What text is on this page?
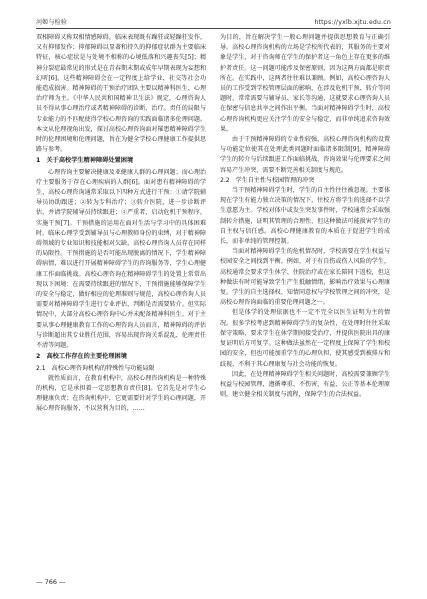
河姬与检验	https://yxlb.xjtu.edu.cn

双相障碍又称双相情感障碍，临床表现既有躁狂或轻躁狂发作，又有抑郁发作；抑郁障碍以显著和持久的抑郁症状群为主要临床特征，核心症状是与处境不相称的心境低落和兴趣丧失[5]；精神分裂症最常见的形式是在青春期末期或成年早期表现为妄想和幻听[6]。这些精神障碍会在一定程度上给学业、社交等社会功能造成损害。精神障碍的干预治疗团队主要以精神科医生、心理治疗师为主。《中华人民共和国精神卫生法》规定，心理咨询人员不得从事心理治疗或者精神障碍的诊断、治疗。责任的局限与专业能力的不匹配使得学校心理咨询的实践面临诸多伦理问题。本文从伦理视角出发，探讨高校心理咨询面对罹患精神障碍学生时的伦理困境和伦理问题，旨在为健全学校心理健康工作提供思路与参考。

1　关于高校学生精神障碍处置困境

心理咨询主要解决健康及亚健康人群的心理问题；而心理治疗主要服务于存在心理疾病的人群[6]。面对患有精神障碍的学生，高校心理咨询通常采取以下四种方式进行干预：①请学院辅导员协助跟进；②转为专科治疗；③转介医院，进一步诊断评估，并请学院辅导员持续跟进；④严重者，启动危机干预程序，实施干预[7]。干预措施的运用在面对生活与学习中的具体困难时，临床心理学受到辅导员与心理教师身份的束缚，对于精神障碍领域的专业知识和技能相对欠缺，高校心理咨询人员存在同样的局限性。干预措施的是否可能出现脱离的情况下，学生精神障碍病情，难以进行开展精神障碍学生的咨询服务等，学生心理健康工作面临挑战。高校心理咨询在精神障碍学生的处置上常常出现以下困境：在需要持续跟进的情况下，干预措施能够保障学生的安全与稳定，做好相应的伦理准则与规范，高校心理咨询人员需要对精神障碍学生进行专业评估，判断是否需要转介。但实际情况中，大部分高校心理咨询中心并未配备精神科医生。对于主要从事心理健康教育工作的心理咨询人员而言，精神障碍的评估与诊断超出其专业胜任范围，容易出现咨询关系混乱、伦理责任不清等问题。

2　高校工作存在的主要伦理困境
2.1　高校心理咨询机构的特殊性与功能局限

就性质而言，在教育机构中，高校心理咨询机构是一种特殊的机构，它是承担着一定思想教育责任[8]。它首先是对学生心理健康负责；在咨询机构中，它更需要针对学生的心理问题，开展心理咨询服务，不以营利为目的，……

为目的，旨在解决学生一般心理问题并提供思想教育与正确引导。高校心理咨询机构的立场是学校所代表的，其服务的主要对象是学生，对于咨询师在学生的保护者这一角色上存在更多的维护者责任。这一问题可能涉及保密原则、因为这两方面都是职责所在。在实践中，这两者往往难以兼顾。例如，高校心理咨询人员的工作受到学校管理层面的影响，在涉及危机干预、转介等问题时，常常需要与辅导员、家长等沟通，这就要求心理咨询人员在保密与信息共享之间作出平衡。当面对精神障碍学生时，高校心理咨询机构更应关注学生的安全与稳定，而非单纯追求咨询效果。

由于干预精神障碍的专业性较强，高校心理咨询机构的设置与功能定位使其在处理此类问题时面临诸多限制[9]，精神障碍学生的转介与后续跟进工作面临挑战，咨询效果与伦理要求之间容易产生冲突，需要不断完善相关制度与规范。

2.2　学生自主性与校园管理的冲突

当干预精神障碍学生时，学生的自主性往往被忽视。主要体现在学生有能力独立决策的情况下，往校方将学生的选择不以学生意愿为主。学校对体中或发生突发事件时，学校通常会采取强制转介措施，证明其管理的合理性，但这种做法可能损害学生的自主权与信任感。高校心理健康教育的本质在于促进学生的成长，而非单纯的管理控制。

当面对精神障碍学生的危机情况时，学校需要在学生权益与校园安全之间找到平衡。例如，对于有自伤或伤人风险的学生，高校通常会要求学生休学、住院治疗或在家长陪同下返校，但这种做法有时可能导致学生产生抵触情绪，影响治疗效果与心理康复。学生的自主选择权、知情同意权与学校管理之间的冲突，是高校心理咨询面临的重要伦理问题之一。

但是体学的处理依据也不一定不完全以医生证明为主的情况。很多学校考虑到精神障碍学生的复杂性，在处理时往往采取保守策略，要求学生在休学期间接受治疗，并提供医院出具的康复证明后方可复学。这种做法虽然在一定程度上保障了学生和校园的安全，但也可能加重学生的心理负担，使其感受到被排斥和歧视，不利于其心理康复与社会功能的恢复。

因此，在处理精神障碍学生相关问题时，高校需要兼顾学生权益与校园管理，遵循尊重、不伤害、有益、公正等基本伦理原则，建立健全相关制度与流程，保障学生的合法权益。

— 766 —
